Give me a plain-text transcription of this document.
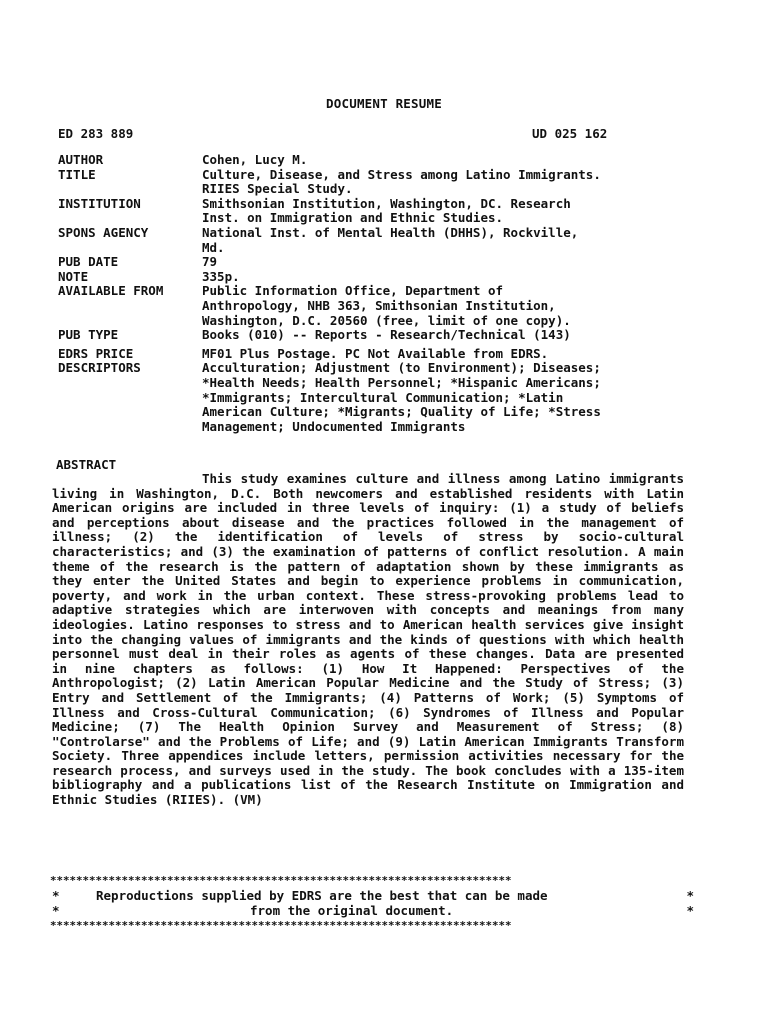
DOCUMENT RESUME
ED 283 889	UD 025 162
AUTHOR	Cohen, Lucy M.
TITLE	Culture, Disease, and Stress among Latino Immigrants.
RIIES Special Study.
INSTITUTION	Smithsonian Institution, Washington, DC. Research
Inst. on Immigration and Ethnic Studies.
SPONS AGENCY	National Inst. of Mental Health (DHHS), Rockville,
Md.
PUB DATE	79
NOTE	335p.
AVAILABLE FROM	Public Information Office, Department of
Anthropology, NHB 363, Smithsonian Institution,
Washington, D.C. 20560 (free, limit of one copy).
PUB TYPE	Books (010) -- Reports - Research/Technical (143)
EDRS PRICE	MF01 Plus Postage. PC Not Available from EDRS.
DESCRIPTORS	Acculturation; Adjustment (to Environment); Diseases;
*Health Needs; Health Personnel; *Hispanic Americans;
*Immigrants; Intercultural Communication; *Latin
American Culture; *Migrants; Quality of Life; *Stress
Management; Undocumented Immigrants
ABSTRACT
This study examines culture and illness among Latino immigrants living in Washington, D.C. Both newcomers and established residents with Latin American origins are included in three levels of inquiry: (1) a study of beliefs and perceptions about disease and the practices followed in the management of illness; (2) the identification of levels of stress by socio-cultural characteristics; and (3) the examination of patterns of conflict resolution. A main theme of the research is the pattern of adaptation shown by these immigrants as they enter the United States and begin to experience problems in communication, poverty, and work in the urban context. These stress-provoking problems lead to adaptive strategies which are interwoven with concepts and meanings from many ideologies. Latino responses to stress and to American health services give insight into the changing values of immigrants and the kinds of questions with which health personnel must deal in their roles as agents of these changes. Data are presented in nine chapters as follows: (1) How It Happened: Perspectives of the Anthropologist; (2) Latin American Popular Medicine and the Study of Stress; (3) Entry and Settlement of the Immigrants; (4) Patterns of Work; (5) Symptoms of Illness and Cross-Cultural Communication; (6) Syndromes of Illness and Popular Medicine; (7) The Health Opinion Survey and Measurement of Stress; (8) "Controlarse" and the Problems of Life; and (9) Latin American Immigrants Transform Society. Three appendices include letters, permission activities necessary for the research process, and surveys used in the study. The book concludes with a 135-item bibliography and a publications list of the Research Institute on Immigration and Ethnic Studies (RIIES). (VM)
***********************************************************************
*	Reproductions supplied by EDRS are the best that can be made	*
*	from the original document.	*
***********************************************************************
